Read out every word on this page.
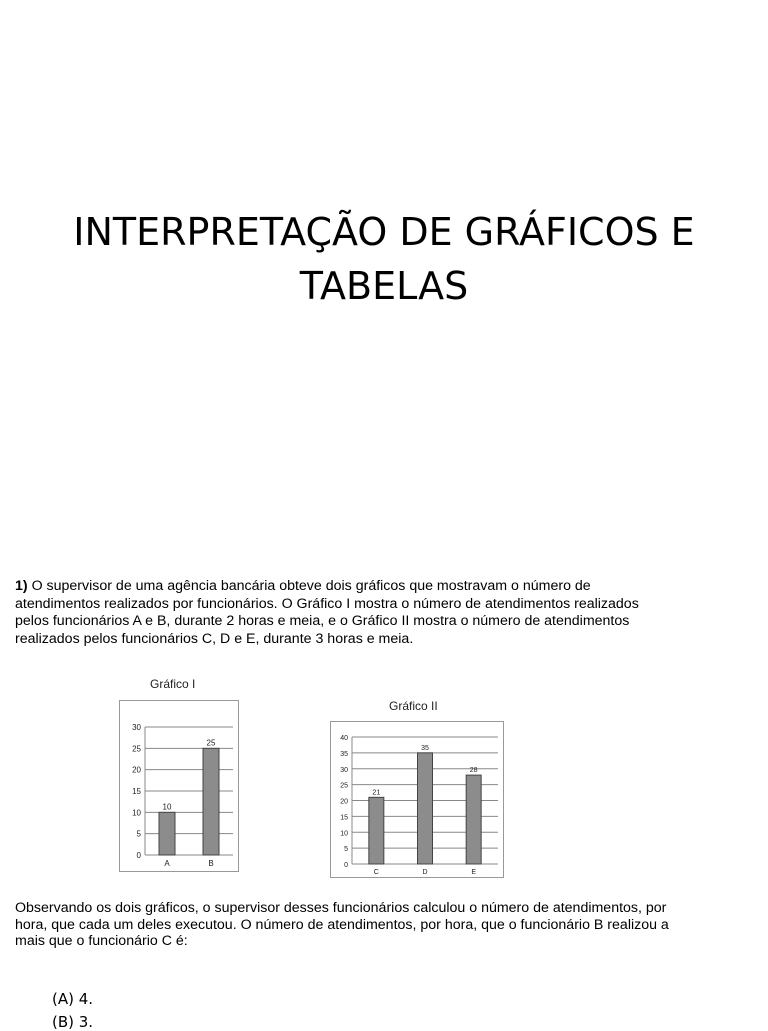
INTERPRETAÇÃO DE GRÁFICOS E TABELAS

1) O supervisor de uma agência bancária obteve dois gráficos que mostravam o número de atendimentos realizados por funcionários. O Gráfico I mostra o número de atendimentos realizados pelos funcionários A e B, durante 2 horas e meia, e o Gráfico II mostra o número de atendimentos realizados pelos funcionários C, D e E, durante 3 horas e meia.

Gráfico I
0
5
10
15
20
25
30
10
A
25
B
Gráfico II
0
5
10
15
20
25
30
35
40
21
C
35
D
28
E

Observando os dois gráficos, o supervisor desses funcionários calculou o número de atendimentos, por hora, que cada um deles executou. O número de atendimentos, por hora, que o funcionário B realizou a mais que o funcionário C é:

(A) 4.
(B) 3.
